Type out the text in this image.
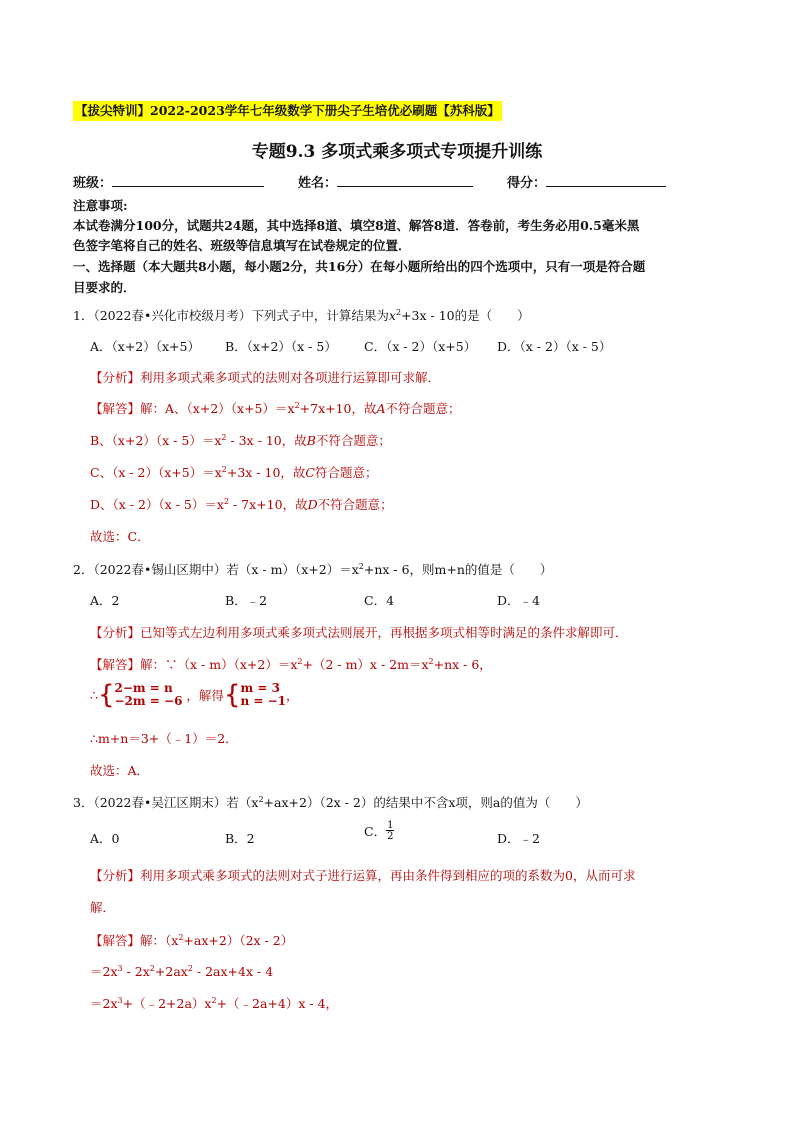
【拔尖特训】2022-2023学年七年级数学下册尖子生培优必刷题【苏科版】
专题9.3 多项式乘多项式专项提升训练
班级：	姓名：	得分：
注意事项:
本试卷满分100分，试题共24题，其中选择8道、填空8道、解答8道．答卷前，考生务必用0.5毫米黑
色签字笔将自己的姓名、班级等信息填写在试卷规定的位置．
一、选择题（本大题共8小题，每小题2分，共16分）在每小题所给出的四个选项中，只有一项是符合题
目要求的．
1．（2022春•兴化市校级月考）下列式子中，计算结果为$x^2+3x - 10$的是（　　）
A．（x+2）（x+5） B．（x+2）（x - 5） C．（x - 2）（x+5） D．（x - 2）（x - 5）
【分析】利用多项式乘多项式的法则对各项进行运算即可求解．
【解答】解：A、$(x+2)(x+5)=x^2+7x+10$，故A不符合题意；
B、$(x+2)(x - 5)=x^2 - 3x - 10$，故B不符合题意；
C、$(x - 2)(x+5)=x^2+3x - 10$，故C符合题意；
D、$(x - 2)(x - 5)=x^2 - 7x+10$，故D不符合题意；
故选：C．
2．（2022春•锡山区期中）若$(x - m)(x+2)=x^2+nx - 6$，则m+n的值是（　　）
A．2	B．﹣2	C．4	D．﹣4
【分析】已知等式左边利用多项式乘多项式法则展开，再根据多项式相等时满足的条件求解即可．
【解答】解：∵（x - $m)(x+2)=x^2+(2 - m)x - 2m=x^2+nx - 6$，
∴{2−m = n
−2m = −6 ，解得{m = 3
n = −1，
∴m+n＝3+（﹣1）＝2．
故选：A．
3．（2022春•吴江区期末）若$(x^2+ax+2)(2x - 2)$的结果中不含x项，则a的值为（　　）
A．0	B．2	C．$\frac{1}{2}$	D．﹣2
【分析】利用多项式乘多项式的法则对式子进行运算，再由条件得到相应的项的系数为0，从而可求
解．
【解答】解：$(x^2+ax+2)(2x - 2)$
$=2x^3 - 2x^2+2ax^2 - 2ax+4x - 4$
$=2x^3+(﹣2+2a)x^2+(﹣2a+4)x - 4$，
